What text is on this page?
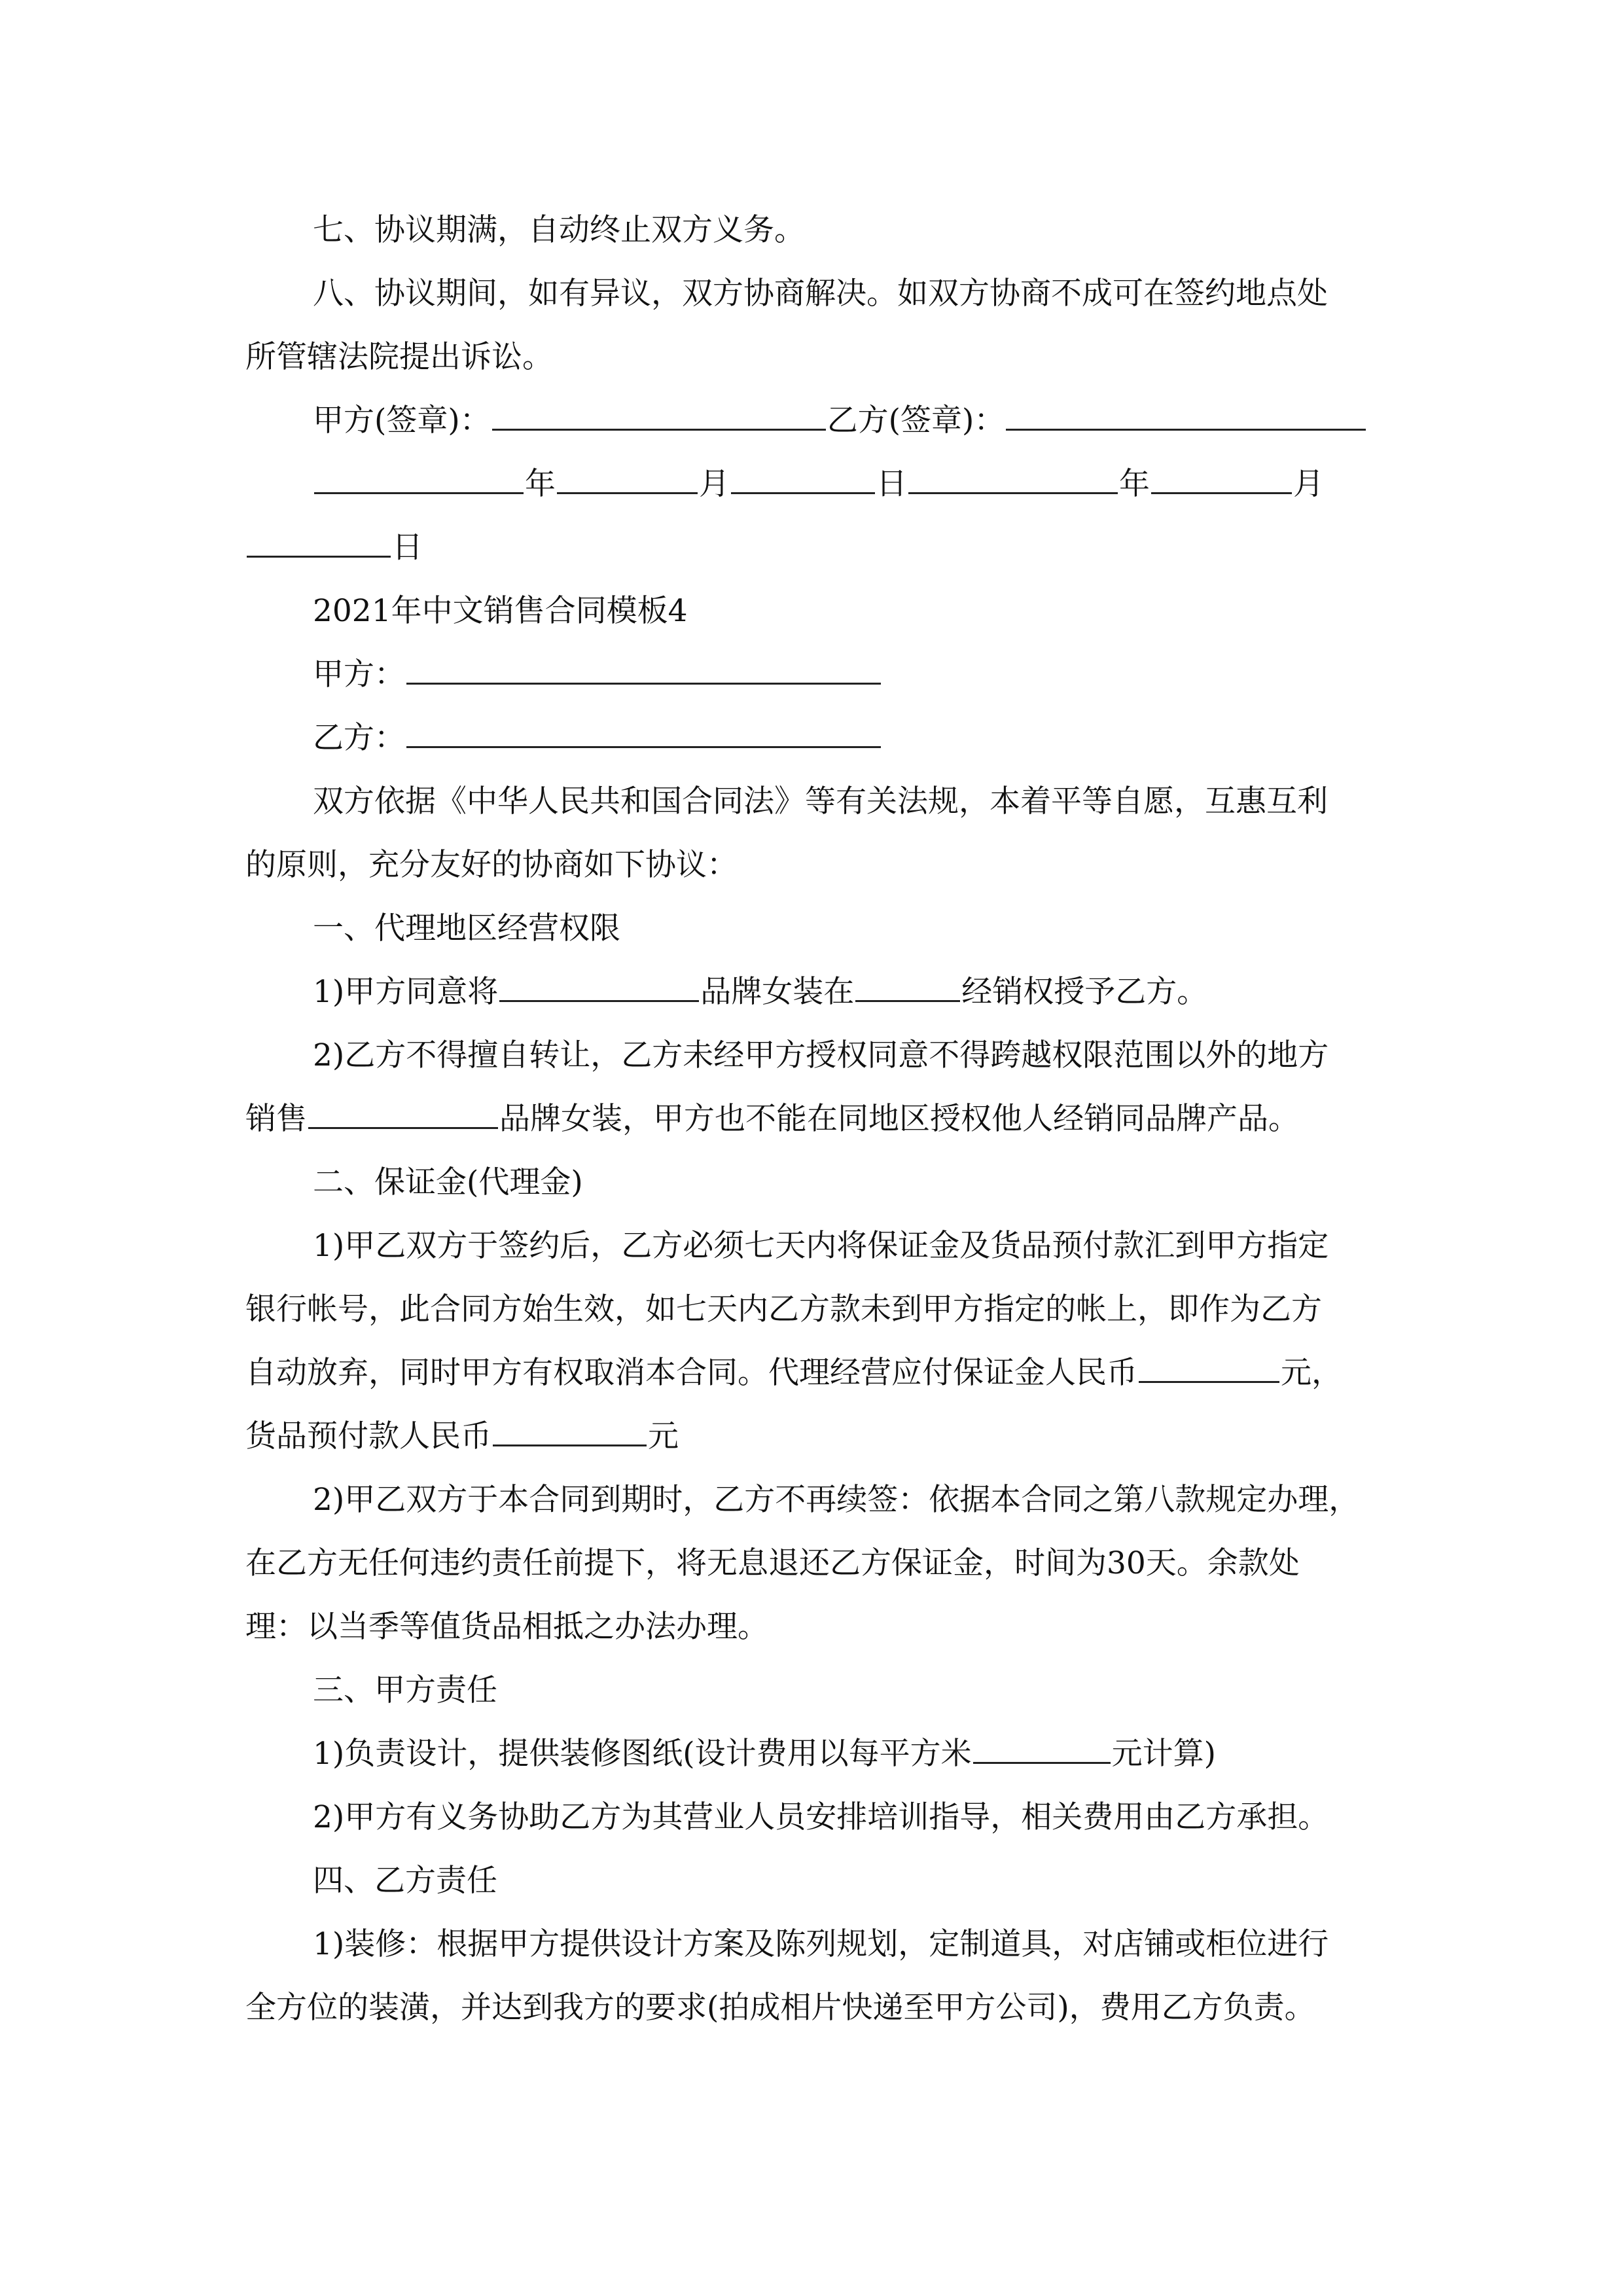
七、协议期满，自动终止双方义务。
八、协议期间，如有异议，双方协商解决。如双方协商不成可在签约地点处
所管辖法院提出诉讼。
甲方(签章)：	乙方(签章)：
年	月	日	年	月
日
2021年中文销售合同模板4
甲方：
乙方：
双方依据《中华人民共和国合同法》等有关法规，本着平等自愿，互惠互利
的原则，充分友好的协商如下协议：
一、代理地区经营权限
1)甲方同意将	品牌女装在	经销权授予乙方。
2)乙方不得擅自转让，乙方未经甲方授权同意不得跨越权限范围以外的地方
销售	品牌女装，甲方也不能在同地区授权他人经销同品牌产品。
二、保证金(代理金)
1)甲乙双方于签约后，乙方必须七天内将保证金及货品预付款汇到甲方指定
银行帐号，此合同方始生效，如七天内乙方款未到甲方指定的帐上，即作为乙方
自动放弃，同时甲方有权取消本合同。代理经营应付保证金人民币	元，
货品预付款人民币	元
2)甲乙双方于本合同到期时，乙方不再续签：依据本合同之第八款规定办理，
在乙方无任何违约责任前提下，将无息退还乙方保证金，时间为30天。余款处
理：以当季等值货品相抵之办法办理。
三、甲方责任
1)负责设计，提供装修图纸(设计费用以每平方米	元计算)
2)甲方有义务协助乙方为其营业人员安排培训指导，相关费用由乙方承担。
四、乙方责任
1)装修：根据甲方提供设计方案及陈列规划，定制道具，对店铺或柜位进行
全方位的装潢，并达到我方的要求(拍成相片快递至甲方公司)，费用乙方负责。
